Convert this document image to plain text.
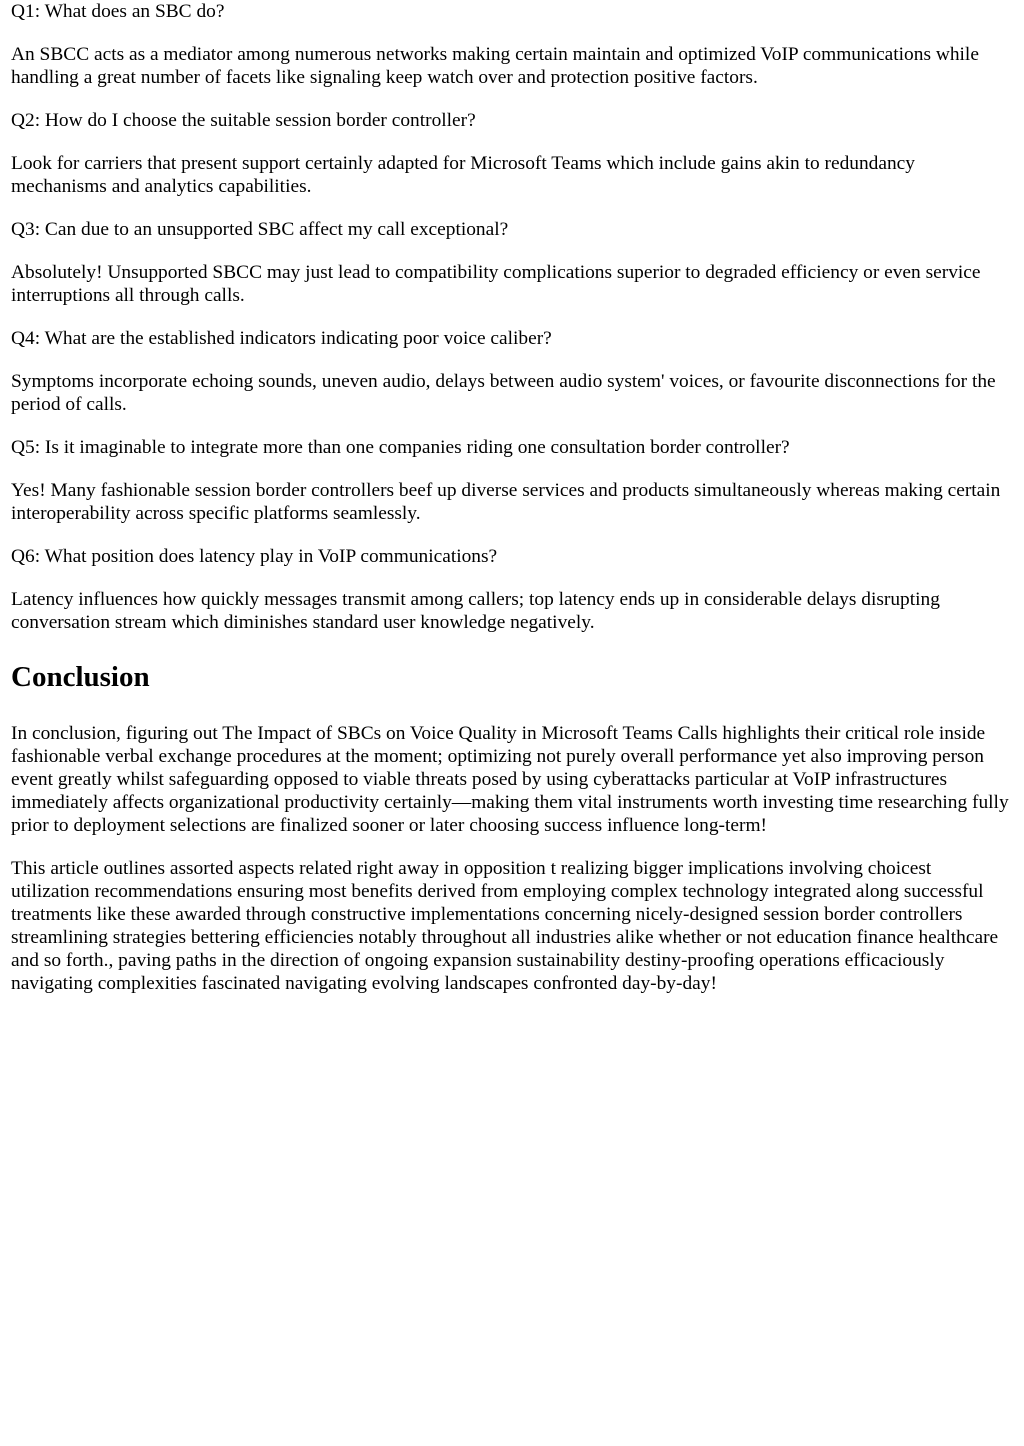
Q1: What does an SBC do?

An SBCC acts as a mediator among numerous networks making certain maintain and optimized VoIP communications while handling a great number of facets like signaling keep watch over and protection positive factors.

Q2: How do I choose the suitable session border controller?

Look for carriers that present support certainly adapted for Microsoft Teams which include gains akin to redundancy mechanisms and analytics capabilities.

Q3: Can due to an unsupported SBC affect my call exceptional?

Absolutely! Unsupported SBCC may just lead to compatibility complications superior to degraded efficiency or even service interruptions all through calls.

Q4: What are the established indicators indicating poor voice caliber?

Symptoms incorporate echoing sounds, uneven audio, delays between audio system' voices, or favourite disconnections for the period of calls.

Q5: Is it imaginable to integrate more than one companies riding one consultation border controller?

Yes! Many fashionable session border controllers beef up diverse services and products simultaneously whereas making certain interoperability across specific platforms seamlessly.

Q6: What position does latency play in VoIP communications?

Latency influences how quickly messages transmit among callers; top latency ends up in considerable delays disrupting conversation stream which diminishes standard user knowledge negatively.

Conclusion

In conclusion, figuring out The Impact of SBCs on Voice Quality in Microsoft Teams Calls highlights their critical role inside fashionable verbal exchange procedures at the moment; optimizing not purely overall performance yet also improving person event greatly whilst safeguarding opposed to viable threats posed by using cyberattacks particular at VoIP infrastructures immediately affects organizational productivity certainly—making them vital instruments worth investing time researching fully prior to deployment selections are finalized sooner or later choosing success influence long-term!

This article outlines assorted aspects related right away in opposition t realizing bigger implications involving choicest utilization recommendations ensuring most benefits derived from employing complex technology integrated along successful treatments like these awarded through constructive implementations concerning nicely-designed session border controllers streamlining strategies bettering efficiencies notably throughout all industries alike whether or not education finance healthcare and so forth., paving paths in the direction of ongoing expansion sustainability destiny-proofing operations efficaciously navigating complexities fascinated navigating evolving landscapes confronted day-by-day!
